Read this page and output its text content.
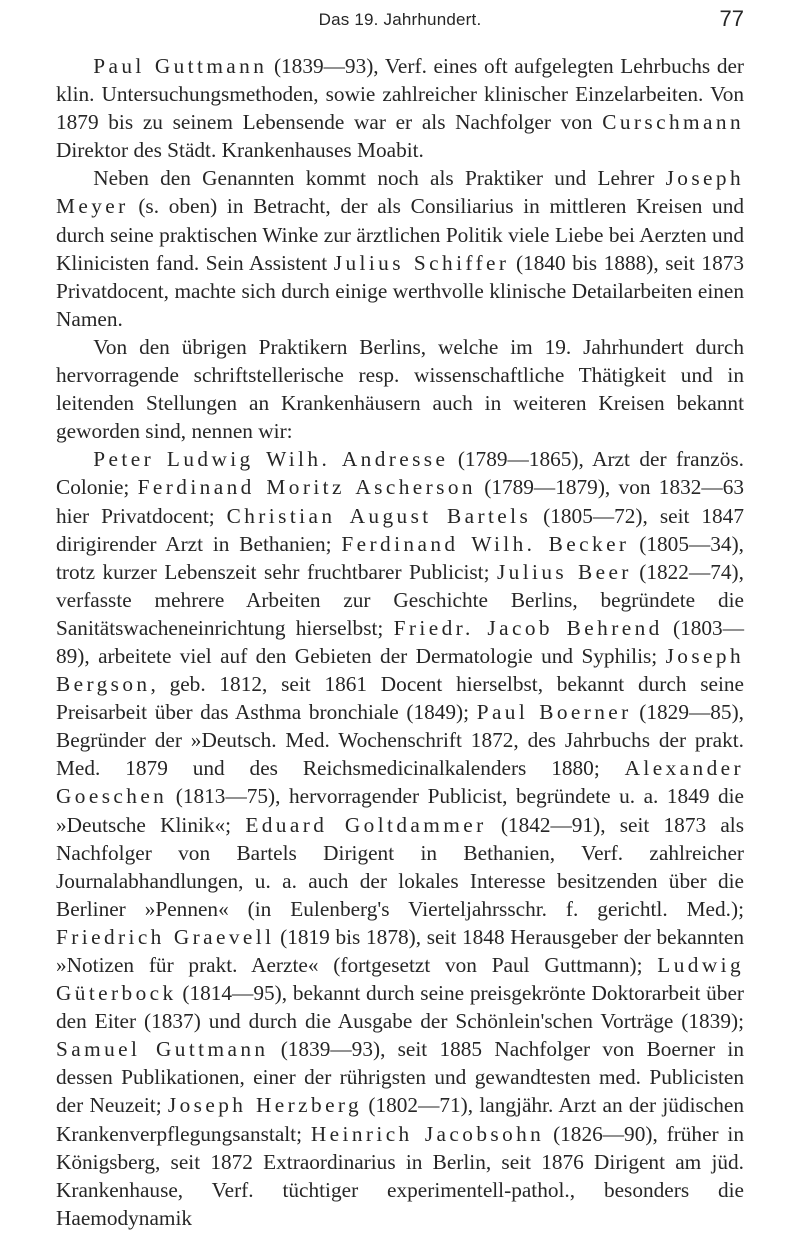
Das 19. Jahrhundert.	77

Paul Guttmann (1839—93), Verf. eines oft aufgelegten Lehrbuchs der klin. Untersuchungsmethoden, sowie zahlreicher klinischer Einzelarbeiten. Von 1879 bis zu seinem Lebensende war er als Nachfolger von Curschmann Direktor des Städt. Krankenhauses Moabit.

Neben den Genannten kommt noch als Praktiker und Lehrer Joseph Meyer (s. oben) in Betracht, der als Consiliarius in mittleren Kreisen und durch seine praktischen Winke zur ärztlichen Politik viele Liebe bei Aerzten und Klinicisten fand. Sein Assistent Julius Schiffer (1840 bis 1888), seit 1873 Privatdocent, machte sich durch einige werthvolle klinische Detailarbeiten einen Namen.

Von den übrigen Praktikern Berlins, welche im 19. Jahrhundert durch hervorragende schriftstellerische resp. wissenschaftliche Thätigkeit und in leitenden Stellungen an Krankenhäusern auch in weiteren Kreisen bekannt geworden sind, nennen wir:

Peter Ludwig Wilh. Andresse (1789—1865), Arzt der französ. Colonie; Ferdinand Moritz Ascherson (1789—1879), von 1832—63 hier Privatdocent; Christian August Bartels (1805—72), seit 1847 dirigirender Arzt in Bethanien; Ferdinand Wilh. Becker (1805—34), trotz kurzer Lebenszeit sehr fruchtbarer Publicist; Julius Beer (1822—74), verfasste mehrere Arbeiten zur Geschichte Berlins, begründete die Sanitätswacheneinrichtung hierselbst; Friedr. Jacob Behrend (1803—89), arbeitete viel auf den Gebieten der Dermatologie und Syphilis; Joseph Bergson, geb. 1812, seit 1861 Docent hierselbst, bekannt durch seine Preisarbeit über das Asthma bronchiale (1849); Paul Boerner (1829—85), Begründer der »Deutsch. Med. Wochenschrift 1872, des Jahrbuchs der prakt. Med. 1879 und des Reichsmedicinalkalenders 1880; Alexander Goeschen (1813—75), hervorragender Publicist, begründete u. a. 1849 die »Deutsche Klinik«; Eduard Goltdammer (1842—91), seit 1873 als Nachfolger von Bartels Dirigent in Bethanien, Verf. zahlreicher Journalabhandlungen, u. a. auch der lokales Interesse besitzenden über die Berliner »Pennen« (in Eulenberg's Vierteljahrsschr. f. gerichtl. Med.); Friedrich Graevell (1819 bis 1878), seit 1848 Herausgeber der bekannten »Notizen für prakt. Aerzte« (fortgesetzt von Paul Guttmann); Ludwig Güterbock (1814—95), bekannt durch seine preisgekrönte Doktorarbeit über den Eiter (1837) und durch die Ausgabe der Schönlein'schen Vorträge (1839); Samuel Guttmann (1839—93), seit 1885 Nachfolger von Boerner in dessen Publikationen, einer der rührigsten und gewandtesten med. Publicisten der Neuzeit; Joseph Herzberg (1802—71), langjähr. Arzt an der jüdischen Krankenverpflegungsanstalt; Heinrich Jacobsohn (1826—90), früher in Königsberg, seit 1872 Extraordinarius in Berlin, seit 1876 Dirigent am jüd. Krankenhause, Verf. tüchtiger experimentell-pathol., besonders die Haemodynamik
